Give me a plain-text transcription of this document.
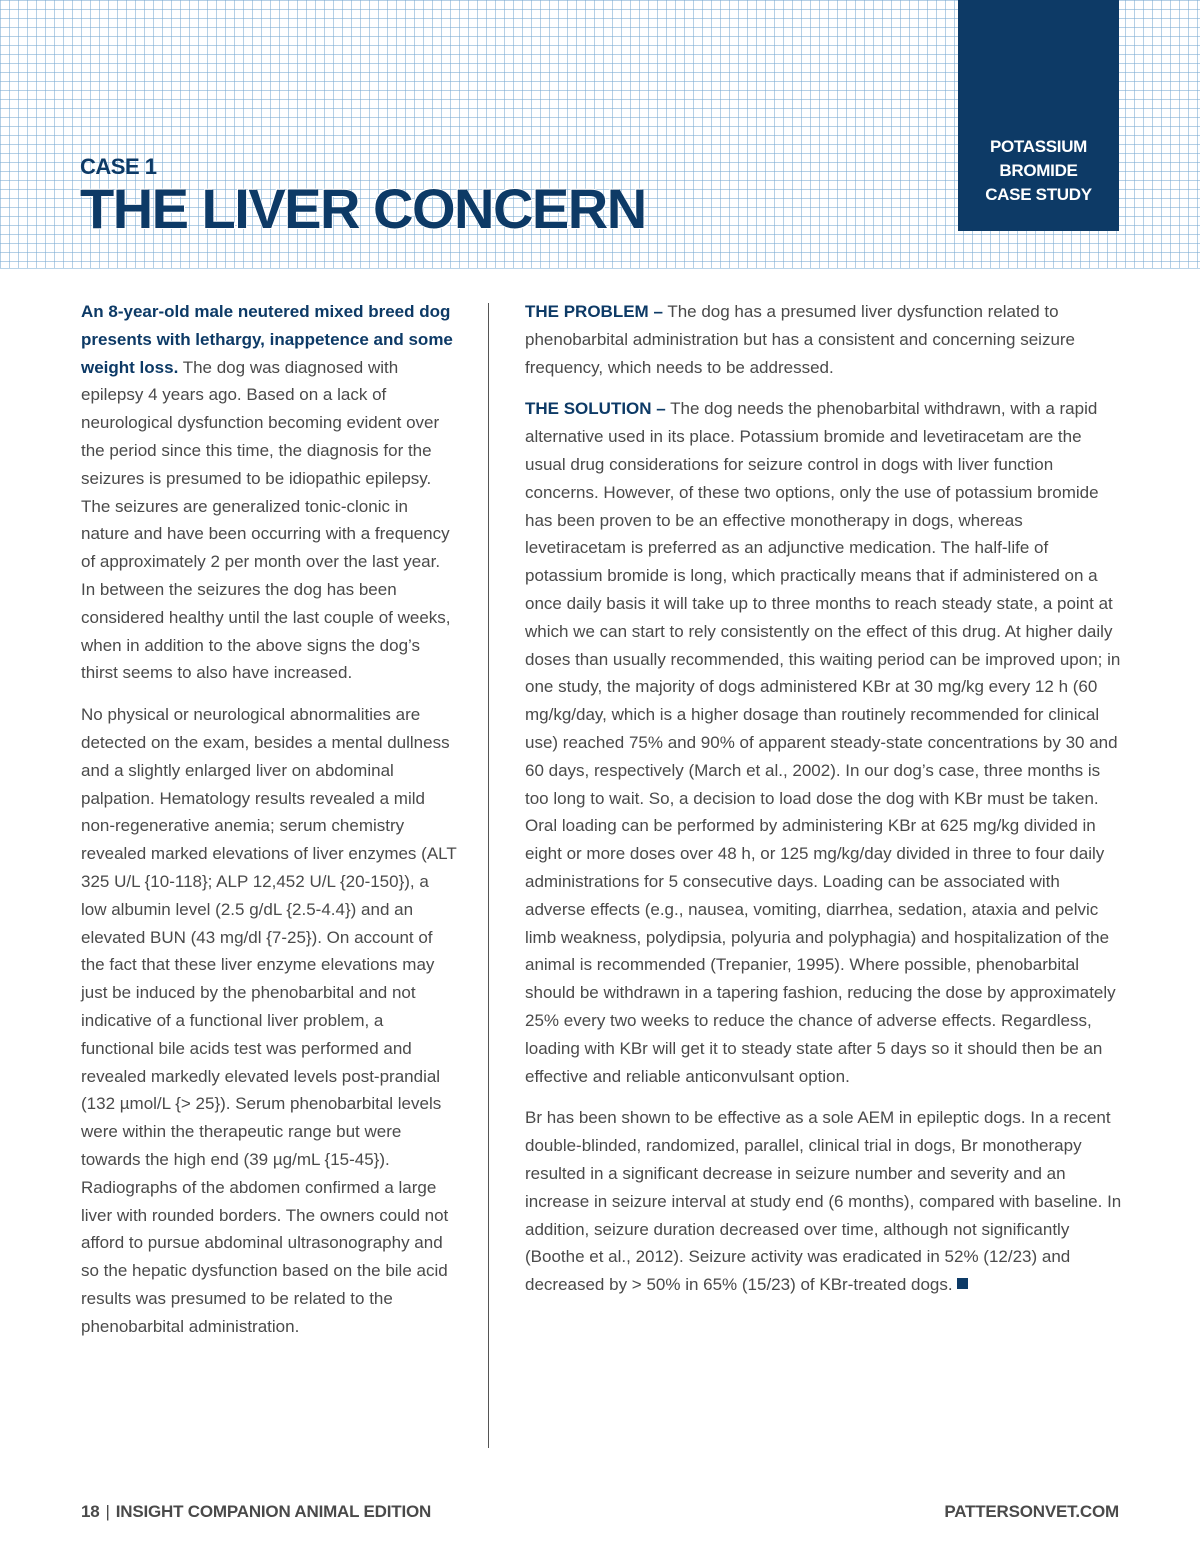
POTASSIUM
BROMIDE
CASE STUDY
CASE 1
THE LIVER CONCERN

An 8-year-old male neutered mixed breed dog presents with lethargy, inappetence and some weight loss. The dog was diagnosed with epilepsy 4 years ago. Based on a lack of neurological dysfunction becoming evident over the period since this time, the diagnosis for the seizures is presumed to be idiopathic epilepsy. The seizures are generalized tonic-clonic in nature and have been occurring with a frequency of approximately 2 per month over the last year. In between the seizures the dog has been considered healthy until the last couple of weeks, when in addition to the above signs the dog’s thirst seems to also have increased.

No physical or neurological abnormalities are detected on the exam, besides a mental dullness and a slightly enlarged liver on abdominal palpation. Hematology results revealed a mild non-regenerative anemia; serum chemistry revealed marked elevations of liver enzymes (ALT 325 U/L {10-118}; ALP 12,452 U/L {20-150}), a low albumin level (2.5 g/dL {2.5-4.4}) and an elevated BUN (43 mg/dl {7-25}). On account of the fact that these liver enzyme elevations may just be induced by the phenobarbital and not indicative of a functional liver problem, a functional bile acids test was performed and revealed markedly elevated levels post-prandial (132 µmol/L {> 25}). Serum phenobarbital levels were within the therapeutic range but were towards the high end (39 µg/mL {15-45}). Radiographs of the abdomen confirmed a large liver with rounded borders. The owners could not afford to pursue abdominal ultrasonography and so the hepatic dysfunction based on the bile acid results was presumed to be related to the phenobarbital administration.

THE PROBLEM – The dog has a presumed liver dysfunction related to phenobarbital administration but has a consistent and concerning seizure frequency, which needs to be addressed.

THE SOLUTION – The dog needs the phenobarbital withdrawn, with a rapid alternative used in its place. Potassium bromide and levetiracetam are the usual drug considerations for seizure control in dogs with liver function concerns. However, of these two options, only the use of potassium bromide has been proven to be an effective monotherapy in dogs, whereas levetiracetam is preferred as an adjunctive medication. The half-life of potassium bromide is long, which practically means that if administered on a once daily basis it will take up to three months to reach steady state, a point at which we can start to rely consistently on the effect of this drug. At higher daily doses than usually recommended, this waiting period can be improved upon; in one study, the majority of dogs administered KBr at 30 mg/kg every 12 h (60 mg/kg/day, which is a higher dosage than routinely recommended for clinical use) reached 75% and 90% of apparent steady-state concentrations by 30 and 60 days, respectively (March et al., 2002). In our dog’s case, three months is too long to wait. So, a decision to load dose the dog with KBr must be taken. Oral loading can be performed by administering KBr at 625 mg/kg divided in eight or more doses over 48 h, or 125 mg/kg/day divided in three to four daily administrations for 5 consecutive days. Loading can be associated with adverse effects (e.g., nausea, vomiting, diarrhea, sedation, ataxia and pelvic limb weakness, polydipsia, polyuria and polyphagia) and hospitalization of the animal is recommended (Trepanier, 1995). Where possible, phenobarbital should be withdrawn in a tapering fashion, reducing the dose by approximately 25% every two weeks to reduce the chance of adverse effects. Regardless, loading with KBr will get it to steady state after 5 days so it should then be an effective and reliable anticonvulsant option.

Br has been shown to be effective as a sole AEM in epileptic dogs. In a recent double-blinded, randomized, parallel, clinical trial in dogs, Br monotherapy resulted in a significant decrease in seizure number and severity and an increase in seizure interval at study end (6 months), compared with baseline. In addition, seizure duration decreased over time, although not significantly (Boothe et al., 2012). Seizure activity was eradicated in 52% (12/23) and decreased by > 50% in 65% (15/23) of KBr-treated dogs.

18 | INSIGHT COMPANION ANIMAL EDITION	PATTERSONVET.COM
